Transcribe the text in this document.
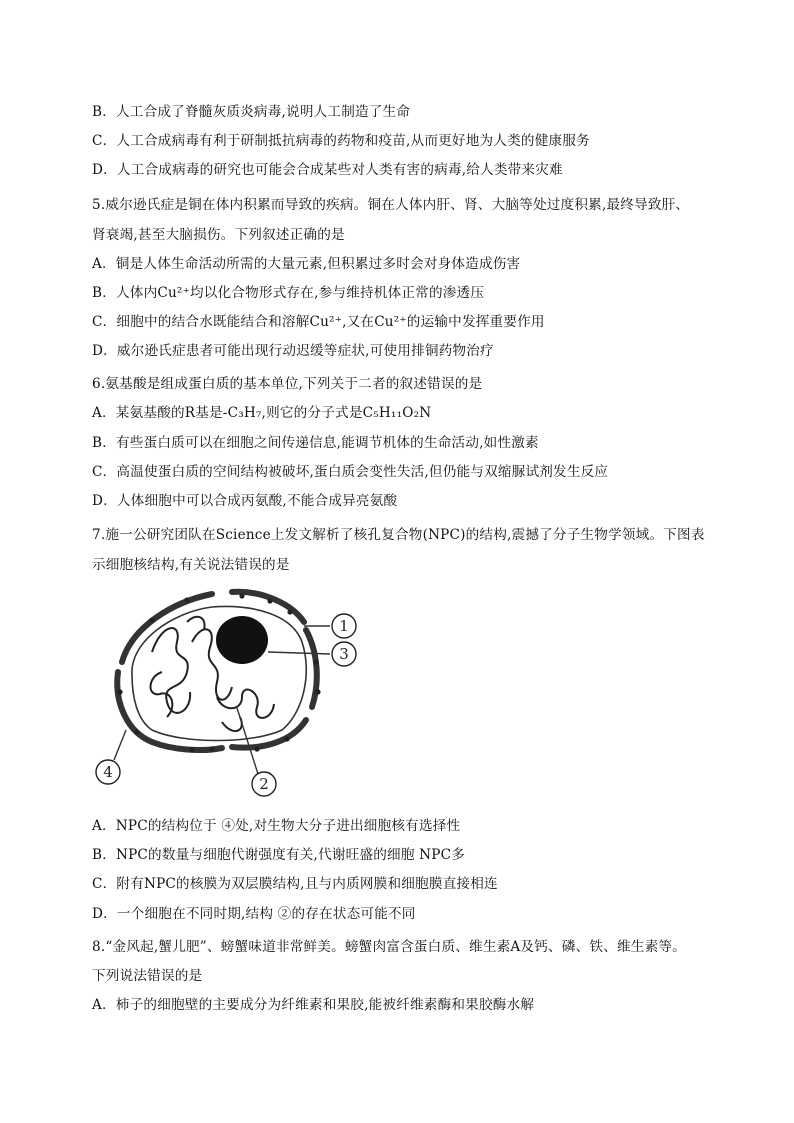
B．人工合成了脊髓灰质炎病毒,说明人工制造了生命
C．人工合成病毒有利于研制抵抗病毒的药物和疫苗,从而更好地为人类的健康服务
D．人工合成病毒的研究也可能会合成某些对人类有害的病毒,给人类带来灾难
5.威尔逊氏症是铜在体内积累而导致的疾病。铜在人体内肝、肾、大脑等处过度积累,最终导致肝、
肾衰竭,甚至大脑损伤。下列叙述正确的是
A．铜是人体生命活动所需的大量元素,但积累过多时会对身体造成伤害
B．人体内Cu²⁺均以化合物形式存在,参与维持机体正常的渗透压
C．细胞中的结合水既能结合和溶解Cu²⁺,又在Cu²⁺的运输中发挥重要作用
D．威尔逊氏症患者可能出现行动迟缓等症状,可使用排铜药物治疗
6.氨基酸是组成蛋白质的基本单位,下列关于二者的叙述错误的是
A．某氨基酸的R基是-C₃H₇,则它的分子式是C₅H₁₁O₂N
B．有些蛋白质可以在细胞之间传递信息,能调节机体的生命活动,如性激素
C．高温使蛋白质的空间结构被破坏,蛋白质会变性失活,但仍能与双缩脲试剂发生反应
D．人体细胞中可以合成丙氨酸,不能合成异亮氨酸
7.施一公研究团队在Science上发文解析了核孔复合物(NPC)的结构,震撼了分子生物学领域。下图表
示细胞核结构,有关说法错误的是
1
3
4
2
A．NPC的结构位于 ④处,对生物大分子进出细胞核有选择性
B．NPC的数量与细胞代谢强度有关,代谢旺盛的细胞 NPC多
C．附有NPC的核膜为双层膜结构,且与内质网膜和细胞膜直接相连
D．一个细胞在不同时期,结构 ②的存在状态可能不同
8.“金风起,蟹儿肥”、螃蟹味道非常鲜美。螃蟹肉富含蛋白质、维生素A及钙、磷、铁、维生素等。
下列说法错误的是
A．柿子的细胞壁的主要成分为纤维素和果胶,能被纤维素酶和果胶酶水解
